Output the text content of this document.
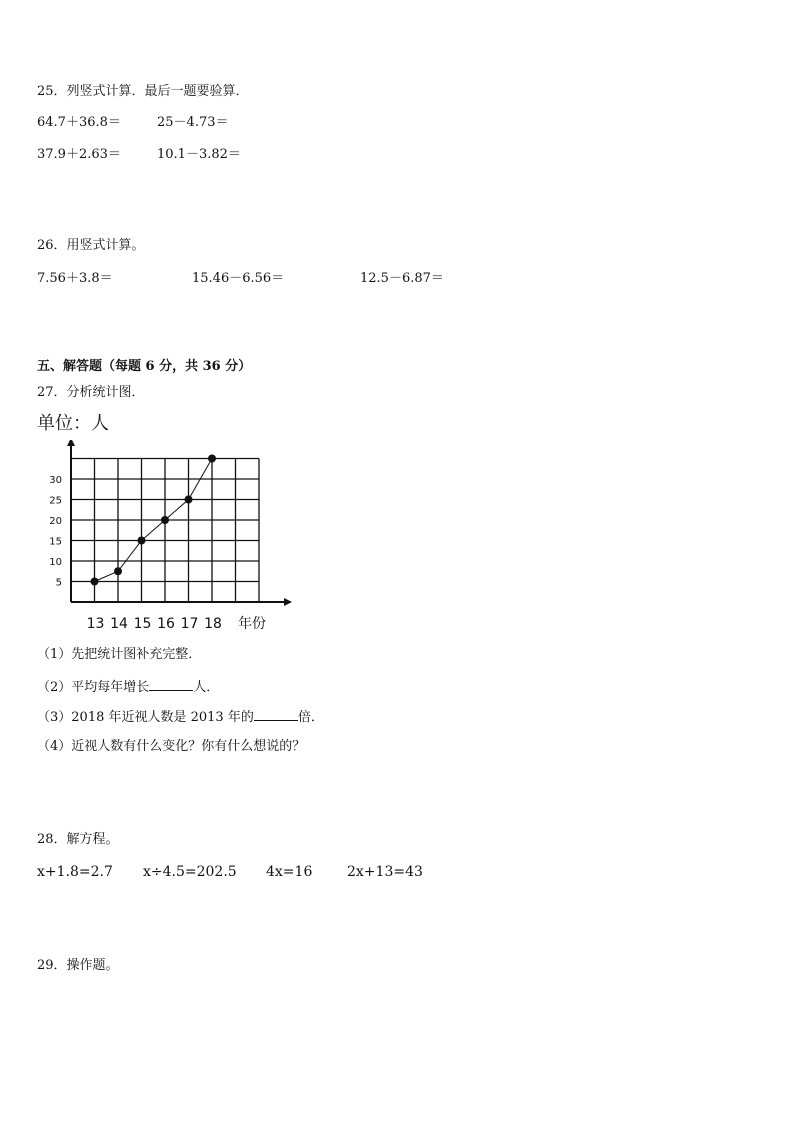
25．列竖式计算．最后一题要验算．
64.7＋36.8＝	25－4.73＝
37.9＋2.63＝	10.1－3.82＝
26．用竖式计算。
7.56＋3.8＝	15.46－6.56＝	12.5－6.87＝
五、解答题（每题 6 分，共 36 分）
27．分析统计图．
单位：人
5
10
15
20
25
30
13 14 15 16 17 18 年份
（1）先把统计图补充完整．
（2）平均每年增长	人．
（3）2018 年近视人数是 2013 年的	倍．
（4）近视人数有什么变化？你有什么想说的？
28．解方程。
x+1.8=2.7 x÷4.5=202.5 4x=16 2x+13=43
29．操作题。
